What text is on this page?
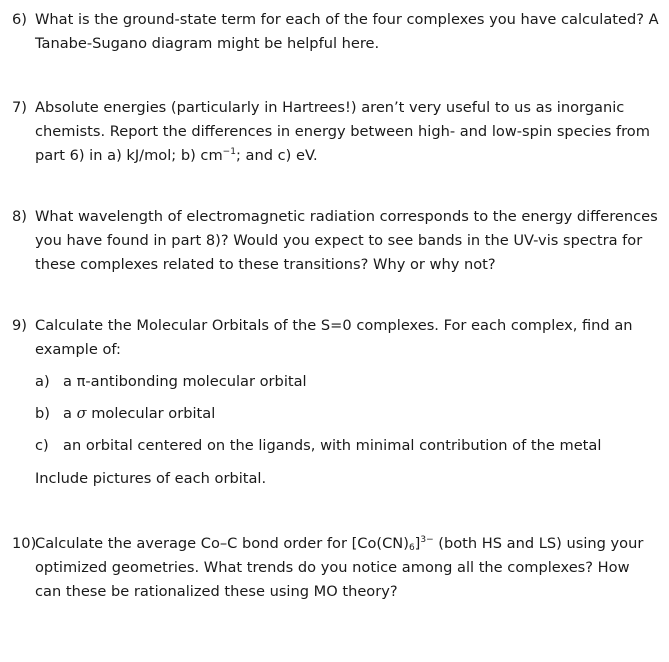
6) What is the ground-state term for each of the four complexes you have calculated? A
Tanabe-Sugano diagram might be helpful here.
7) Absolute energies (particularly in Hartrees!) aren’t very useful to us as inorganic
chemists. Report the differences in energy between high- and low-spin species from
part 6) in a) kJ/mol; b) $cm^{-1}$; and c) eV.
8) What wavelength of electromagnetic radiation corresponds to the energy differences
you have found in part 8)? Would you expect to see bands in the UV-vis spectra for
these complexes related to these transitions? Why or why not?
9) Calculate the Molecular Orbitals of the S=0 complexes. For each complex, find an
example of:
a) a π-antibonding molecular orbital
b) a σ molecular orbital
c) an orbital centered on the ligands, with minimal contribution of the metal
Include pictures of each orbital.
10)
Calculate the average Co–C bond order for $[Co(CN)_6]^{3-}$ (both HS and LS) using your
optimized geometries. What trends do you notice among all the complexes? How
can these be rationalized these using MO theory?
